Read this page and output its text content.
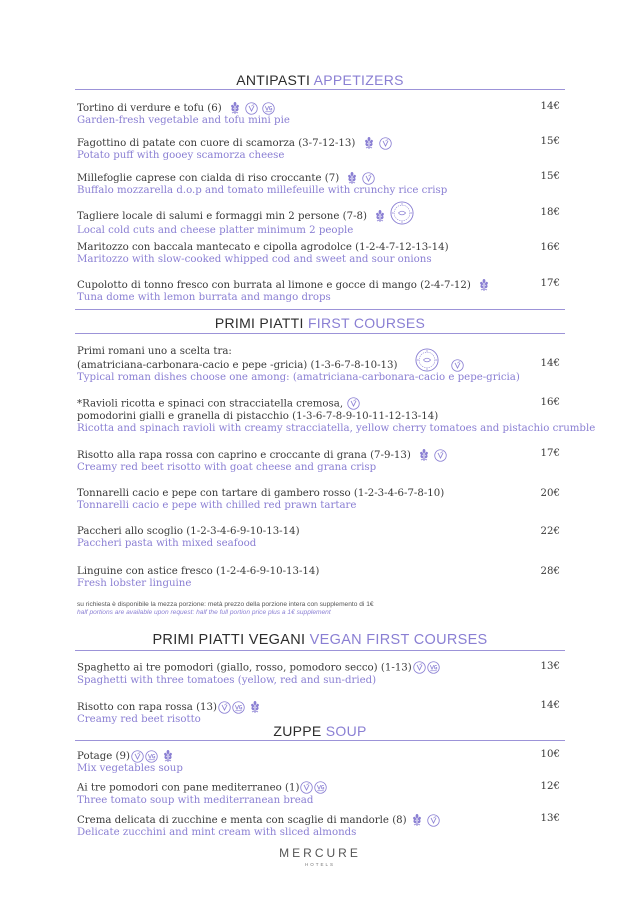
ANTIPASTI APPETIZERS
Tortino di verdure e tofu (6)
Garden-fresh vegetable and tofu mini pie
14€
Fagottino di patate con cuore di scamorza (3-7-12-13)
Potato puff with gooey scamorza cheese
15€
Millefoglie caprese con cialda di riso croccante (7)
Buffalo mozzarella d.o.p and tomato millefeuille with crunchy rice crisp
15€
Tagliere locale di salumi e formaggi min 2 persone (7-8)
Local cold cuts and cheese platter minimum 2 people
18€
Maritozzo con baccala mantecato e cipolla agrodolce (1-2-4-7-12-13-14)
Maritozzo with slow-cooked whipped cod and sweet and sour onions
16€
Cupolotto di tonno fresco con burrata al limone e gocce di mango (2-4-7-12)
Tuna dome with lemon burrata and mango drops
17€
PRIMI PIATTI FIRST COURSES
Primi romani uno a scelta tra:
(amatriciana-carbonara-cacio e pepe -gricia) (1-3-6-7-8-10-13)
Typical roman dishes choose one among: (amatriciana-carbonara-cacio e pepe-gricia)
14€
*Ravioli ricotta e spinaci con stracciatella cremosa,
pomodorini gialli e granella di pistacchio (1-3-6-7-8-9-10-11-12-13-14)
Ricotta and spinach ravioli with creamy stracciatella, yellow cherry tomatoes and pistachio crumble
16€
Risotto alla rapa rossa con caprino e croccante di grana (7-9-13)
Creamy red beet risotto with goat cheese and grana crisp
17€
Tonnarelli cacio e pepe con tartare di gambero rosso (1-2-3-4-6-7-8-10)
Tonnarelli cacio e pepe with chilled red prawn tartare
20€
Paccheri allo scoglio (1-2-3-4-6-9-10-13-14)
Paccheri pasta with mixed seafood
22€
Linguine con astice fresco (1-2-4-6-9-10-13-14)
Fresh lobster linguine
28€
su richiesta è disponibile la mezza porzione: metà prezzo della porzione intera con supplemento di 1€
half portions are available upon request: half the full portion price plus a 1€ supplement
PRIMI PIATTI VEGANI VEGAN FIRST COURSES
Spaghetto ai tre pomodori (giallo, rosso, pomodoro secco) (1-13)
Spaghetti with three tomatoes (yellow, red and sun-dried)
13€
Risotto con rapa rossa (13)
Creamy red beet risotto
14€
ZUPPE SOUP
Potage (9)
Mix vegetables soup
10€
Ai tre pomodori con pane mediterraneo (1)
Three tomato soup with mediterranean bread
12€
Crema delicata di zucchine e menta con scaglie di mandorle (8)
Delicate zucchini and mint cream with sliced almonds
13€
MERCURE
HOTELS
